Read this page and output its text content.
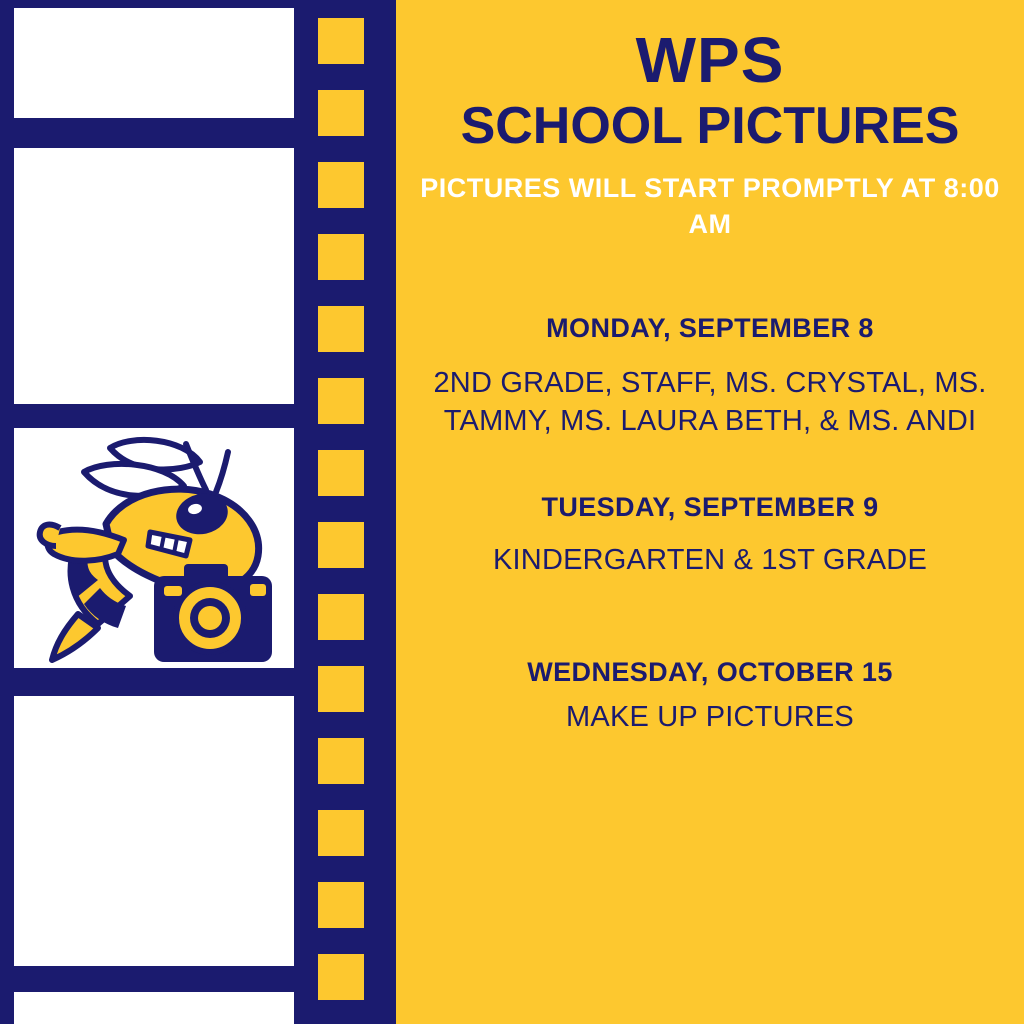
WPS
SCHOOL PICTURES

PICTURES WILL START PROMPTLY AT 8:00 AM

MONDAY, SEPTEMBER 8

2ND GRADE, STAFF, MS. CRYSTAL, MS. TAMMY, MS. LAURA BETH, & MS. ANDI

TUESDAY, SEPTEMBER 9

KINDERGARTEN & 1ST GRADE

WEDNESDAY, OCTOBER 15

MAKE UP PICTURES
